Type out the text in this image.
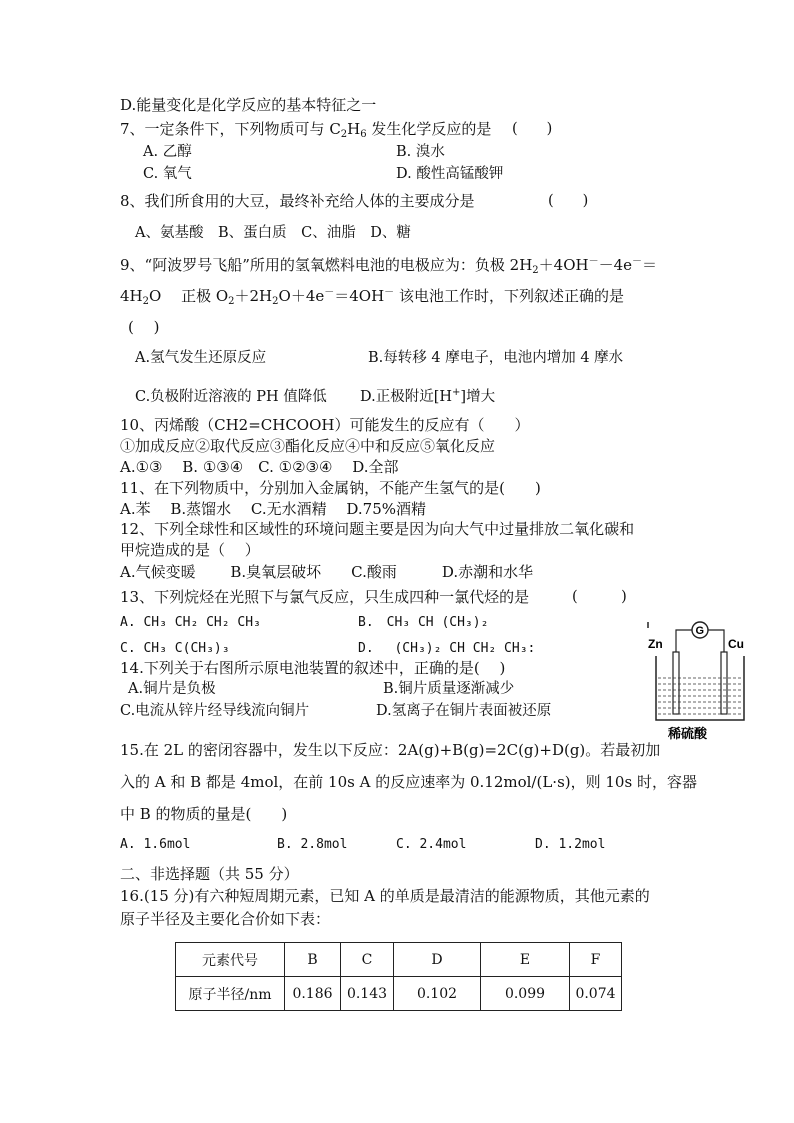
D.能量变化是化学反应的基本特征之一
7、一定条件下，下列物质可与 $C_2H_6$ 发生化学反应的是 (　　)
A. 乙醇	B. 溴水
C. 氧气	D. 酸性高锰酸钾
8、我们所食用的大豆，最终补充给人体的主要成分是	(　　)
A、氨基酸　B、蛋白质　C、油脂　D、糖
9、“阿波罗号飞船”所用的氢氧燃料电池的电极应为：负极 $2H_2+4OH^--4e^-=$
$4H_2O$　 正极 $O_2+2H_2O+4e^-=4OH^-$ 该电池工作时，下列叙述正确的是
(　 )
A.氢气发生还原反应	B.每转移 4 摩电子，电池内增加 4 摩水
C.负极附近溶液的 PH 值降低 D.正极附近[H+]增大
10、丙烯酸（CH2=CHCOOH）可能发生的反应有（　　）
①加成反应②取代反应③酯化反应④中和反应⑤氧化反应
A.①③　 B. ①③④　C. ①②③④　 D.全部
11、在下列物质中，分别加入金属钠，不能产生氢气的是(　　)
A.苯　 B.蒸馏水　 C.无水酒精　 D.75%酒精
12、下列全球性和区域性的环境问题主要是因为向大气中过量排放二氧化碳和
甲烷造成的是（　 ）
A.气候变暖　　 B.臭氧层破坏　　C.酸雨　　　D.赤潮和水华
13、下列烷烃在光照下与氯气反应，只生成四种一氯代烃的是	(　　　)
A. CH₃ CH₂ CH₂ CH₃	B.　CH₃ CH (CH₃)₂
C. CH₃ C(CH₃)₃	D.　 (CH₃)₂ CH CH₂ CH₃:
14.下列关于右图所示原电池装置的叙述中，正确的是(　 )
A.铜片是负极	B.铜片质量逐渐减少
C.电流从锌片经导线流向铜片	D.氢离子在铜片表面被还原
Zn	Cu
G
稀硫酸
15.在 2L 的密闭容器中，发生以下反应：2A(g)+B(g)=2C(g)+D(g)。若最初加
入的 A 和 B 都是 4mol，在前 10s A 的反应速率为 0.12mol/(L·s)，则 10s 时，容器
中 B 的物质的量是(　　)
A. 1.6mol	B. 2.8mol	C. 2.4mol	D. 1.2mol
二、非选择题（共 55 分）
16.(15 分)有六种短周期元素，已知 A 的单质是最清洁的能源物质，其他元素的
原子半径及主要化合价如下表：
元素代号	B	C	D	E	F
原子半径/nm	0.186	0.143	0.102	0.099	0.074
